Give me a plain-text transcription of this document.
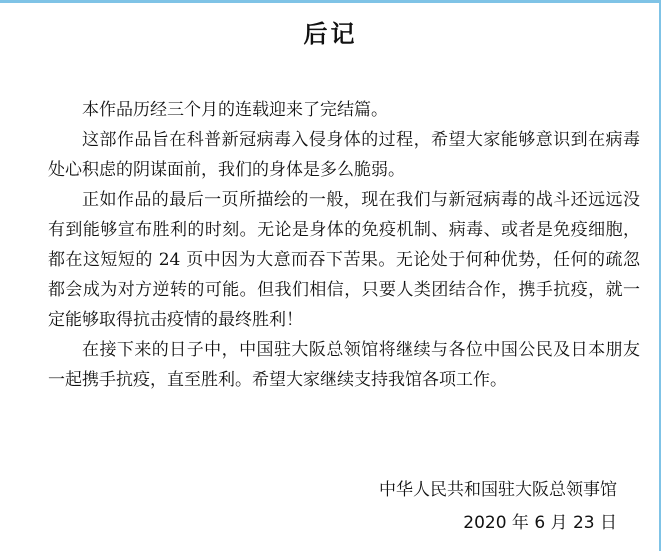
后记

本作品历经三个月的连载迎来了完结篇。

这部作品旨在科普新冠病毒入侵身体的过程，希望大家能够意识到在病毒处心积虑的阴谋面前，我们的身体是多么脆弱。

正如作品的最后一页所描绘的一般，现在我们与新冠病毒的战斗还远远没有到能够宣布胜利的时刻。无论是身体的免疫机制、病毒、或者是免疫细胞，都在这短短的 24 页中因为大意而吞下苦果。无论处于何种优势，任何的疏忽都会成为对方逆转的可能。但我们相信，只要人类团结合作，携手抗疫，就一定能够取得抗击疫情的最终胜利！

在接下来的日子中，中国驻大阪总领馆将继续与各位中国公民及日本朋友一起携手抗疫，直至胜利。希望大家继续支持我馆各项工作。

中华人民共和国驻大阪总领事馆
2020 年 6 月 23 日
